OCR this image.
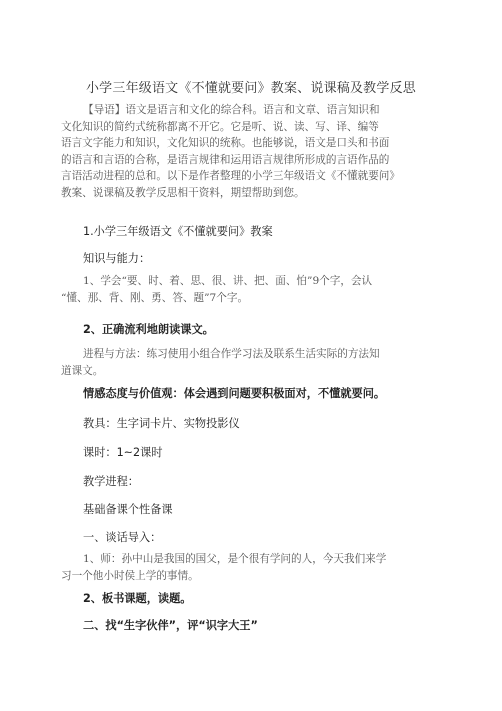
小学三年级语文《不懂就要问》教案、说课稿及教学反思
【导语】语文是语言和文化的综合科。语言和文章、语言知识和
文化知识的简约式统称都离不开它。它是听、说、读、写、译、编等
语言文字能力和知识，文化知识的统称。也能够说，语文是口头和书面
的语言和言语的合称，是语言规律和运用语言规律所形成的言语作品的
言语活动进程的总和。以下是作者整理的小学三年级语文《不懂就要问》
教案、说课稿及教学反思相干资料，期望帮助到您。
1.小学三年级语文《不懂就要问》教案
知识与能力：
1、学会“要、时、着、思、很、讲、把、面、怕”9个字，会认
“懂、那、背、刚、勇、答、题”7个字。
2、正确流利地朗读课文。
进程与方法：练习使用小组合作学习法及联系生活实际的方法知
道课文。
情感态度与价值观：体会遇到问题要积极面对，不懂就要问。
教具：生字词卡片、实物投影仪
课时：1~2课时
教学进程：
基础备课个性备课
一、谈话导入：
1、师：孙中山是我国的国父，是个很有学问的人，今天我们来学
习一个他小时侯上学的事情。
2、板书课题，读题。
二、找“生字伙伴”，评“识字大王”
